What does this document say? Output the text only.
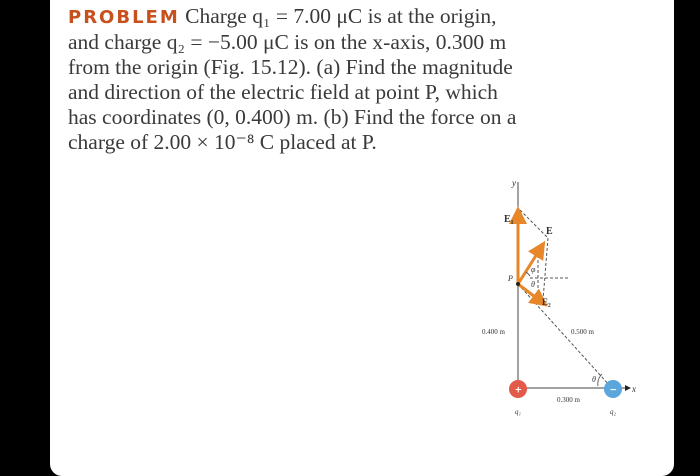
PROBLEM Charge q₁ = 7.00 μC is at the origin,
and charge q₂ = −5.00 μC is on the x-axis, 0.300 m
from the origin (Fig. 15.12). (a) Find the magnitude
and direction of the electric field at point P, which
has coordinates (0, 0.400) m. (b) Find the force on a
charge of 2.00 × 10⁻⁸ C placed at P.

y
x
E₁
E
E₂
P
φ
θ
θ
0.400 m	0.500 m
0.300 m
+	−
q₁	q₂
